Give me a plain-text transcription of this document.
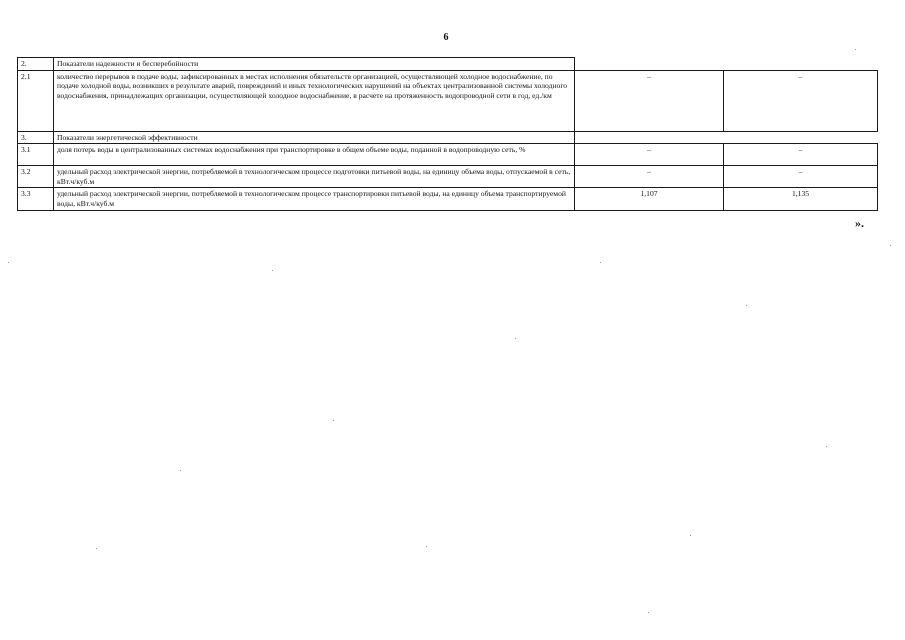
6
2.	Показатели надежности и бесперебойности		
2.1	количество перерывов в подаче воды, зафиксированных в местах исполнения обязательств организацией, осуществляющей холодное водоснабжение, по подаче холодной воды, возникших в результате аварий, повреждений и иных технологических нарушений на объектах централизованной системы холодного водоснабжения, принадлежащих организации, осуществляющей холодное водоснабжение, в расчете на протяженность водопроводной сети в год, ед./км	–	–
3.	Показатели энергетической эффективности		
3.1	доля потерь воды в централизованных системах водоснабжения при транспортировке в общем объеме воды, поданной в водопроводную сеть, %	–	–
3.2	удельный расход электрической энергии, потребляемой в технологическом процессе подготовки питьевой воды, на единицу объема воды, отпускаемой в сеть, кВт.ч/куб.м	–	–
3.3	удельный расход электрической энергии, потребляемой в технологическом процессе транспортировки питьевой воды, на единицу объема транспортируемой воды, кВт.ч/куб.м	1,107	1,135
».
